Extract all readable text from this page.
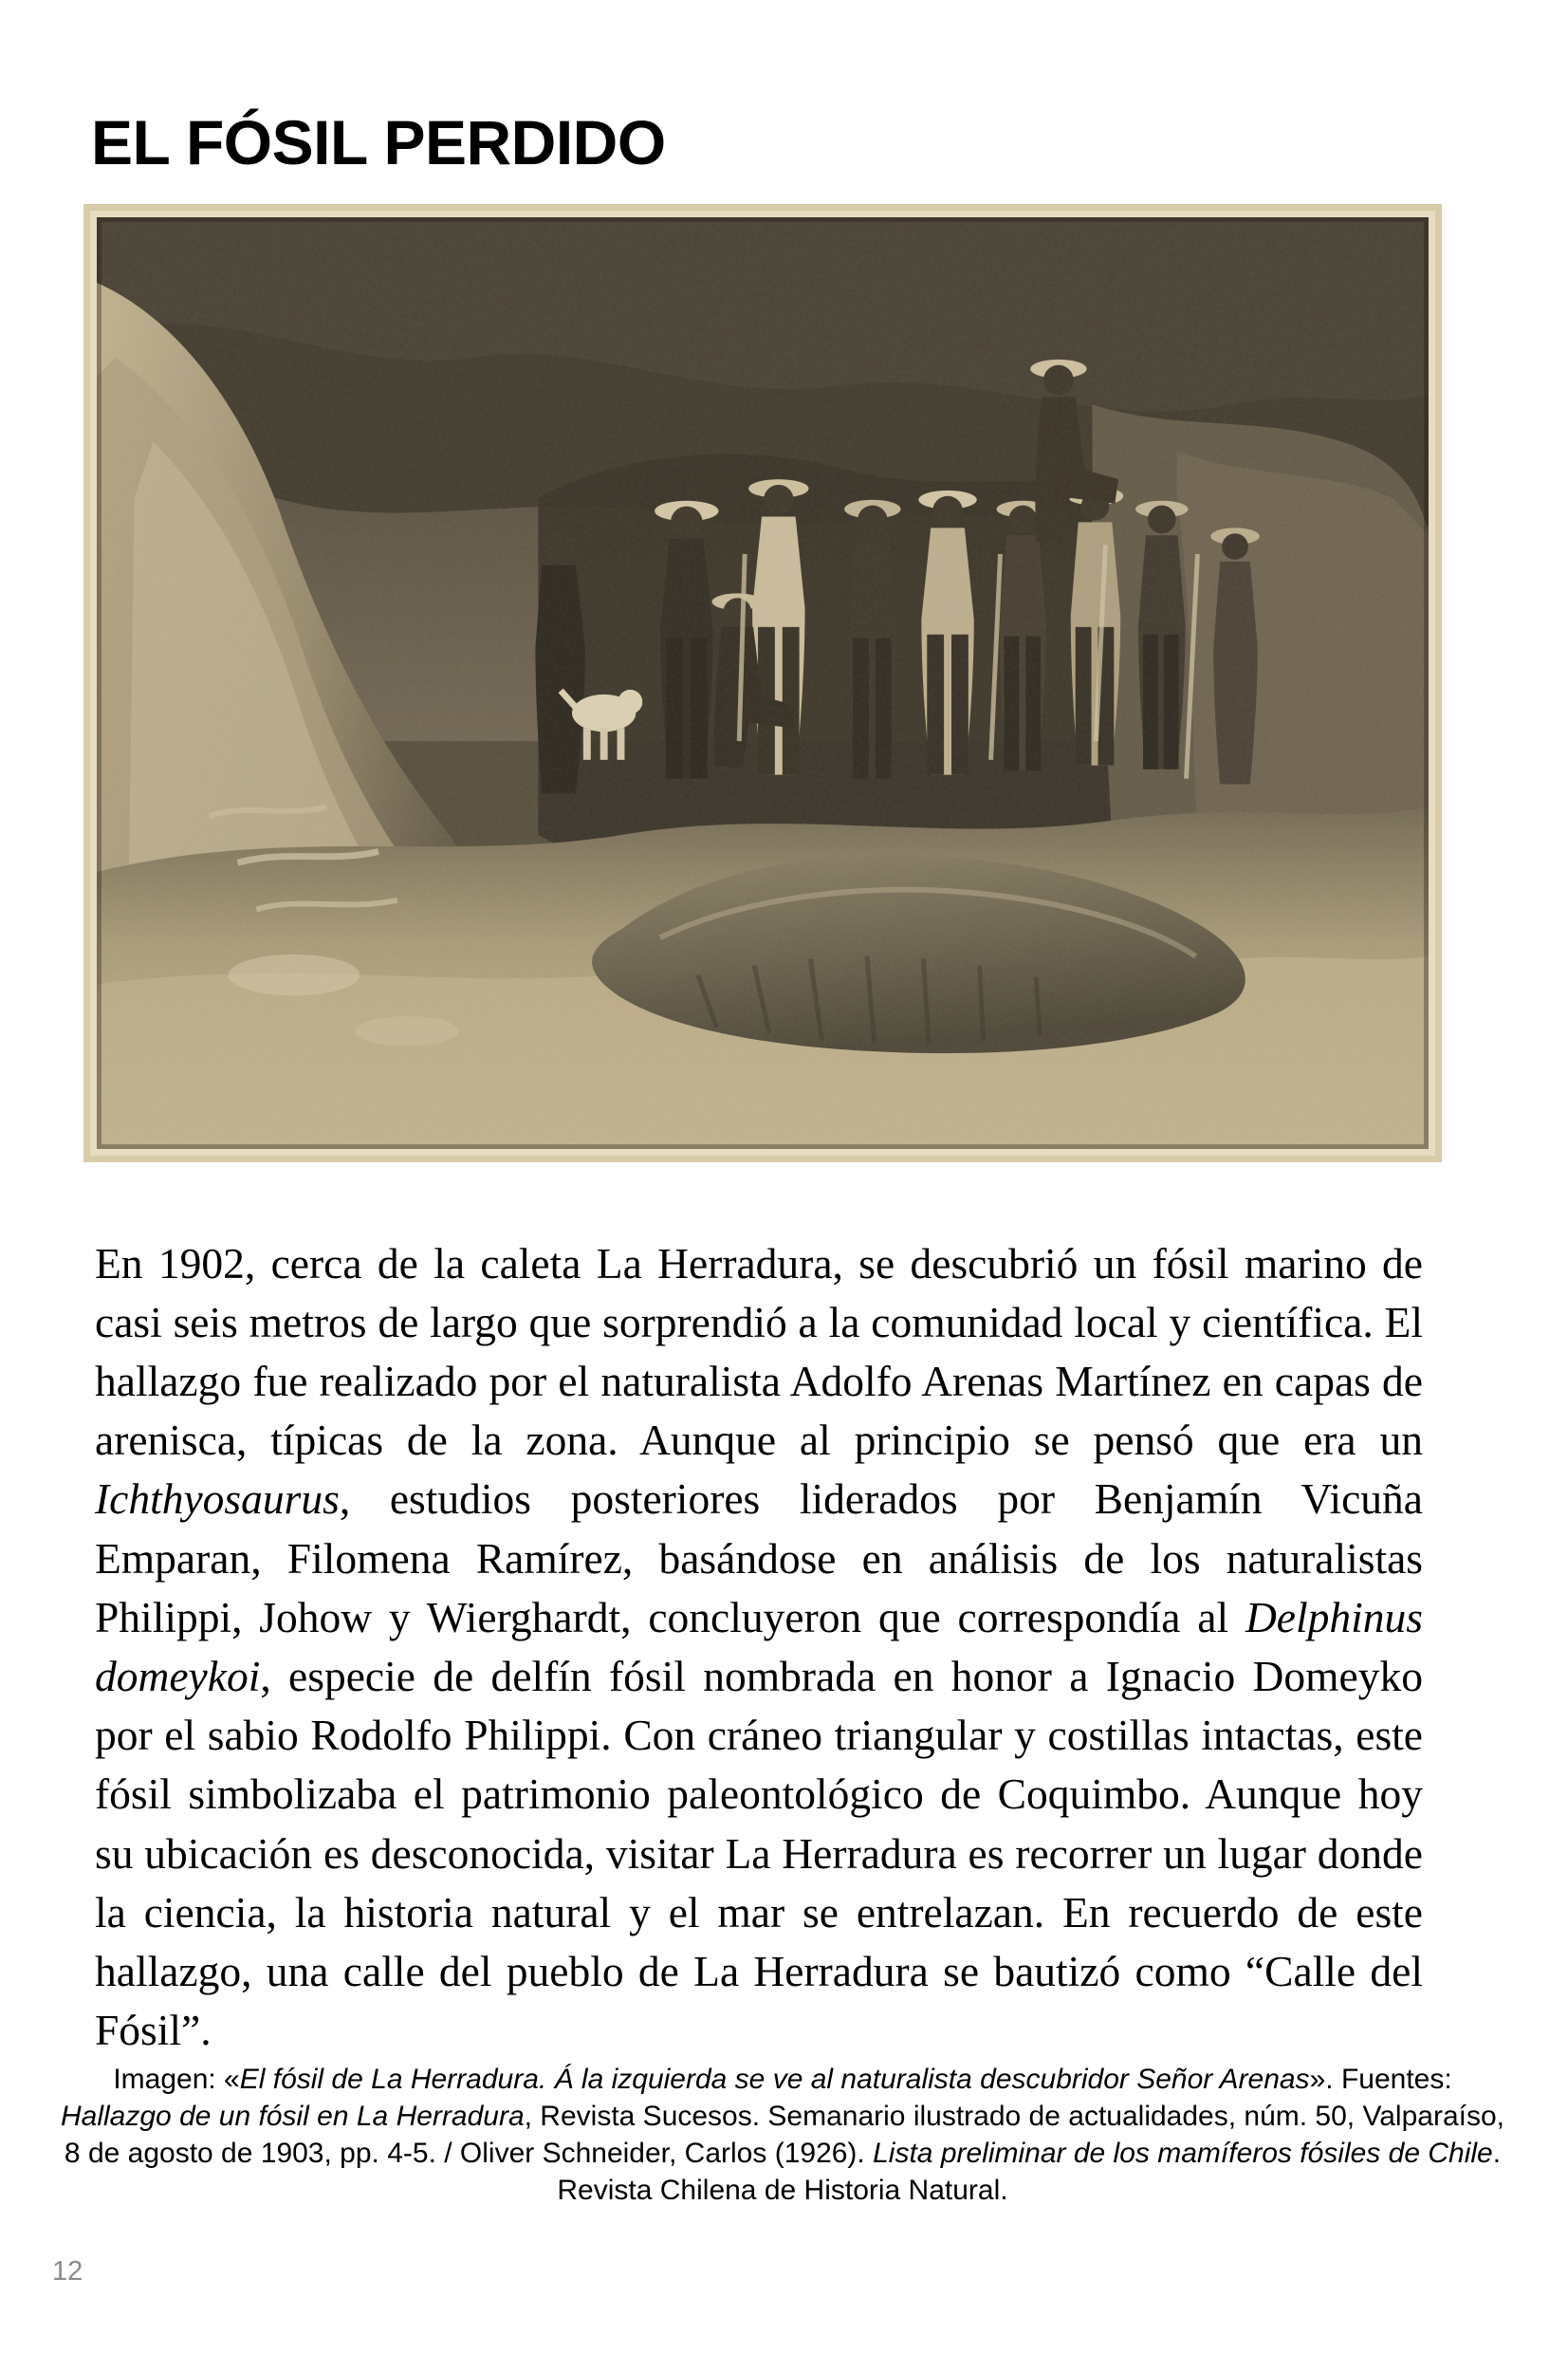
EL FÓSIL PERDIDO

En 1902, cerca de la caleta La Herradura, se descubrió un fósil marino de casi seis metros de largo que sorprendió a la comunidad local y científica. El hallazgo fue realizado por el naturalista Adolfo Arenas Martínez en capas de arenisca, típicas de la zona. Aunque al principio se pensó que era un Ichthyosaurus, estudios posteriores liderados por Benjamín Vicuña Emparan, Filomena Ramírez, basándose en análisis de los naturalistas Philippi, Johow y Wierghardt, concluyeron que correspondía al Delphinus domeykoi, especie de delfín fósil nombrada en honor a Ignacio Domeyko por el sabio Rodolfo Philippi. Con cráneo triangular y costillas intactas, este fósil simbolizaba el patrimonio paleontológico de Coquimbo. Aunque hoy su ubicación es desconocida, visitar La Herradura es recorrer un lugar donde la ciencia, la historia natural y el mar se entrelazan. En recuerdo de este hallazgo, una calle del pueblo de La Herradura se bautizó como “Calle del Fósil”.

Imagen: «El fósil de La Herradura. Á la izquierda se ve al naturalista descubridor Señor Arenas». Fuentes: Hallazgo de un fósil en La Herradura, Revista Sucesos. Semanario ilustrado de actualidades, núm. 50, Valparaíso, 8 de agosto de 1903, pp. 4-5. / Oliver Schneider, Carlos (1926). Lista preliminar de los mamíferos fósiles de Chile. Revista Chilena de Historia Natural.
12
